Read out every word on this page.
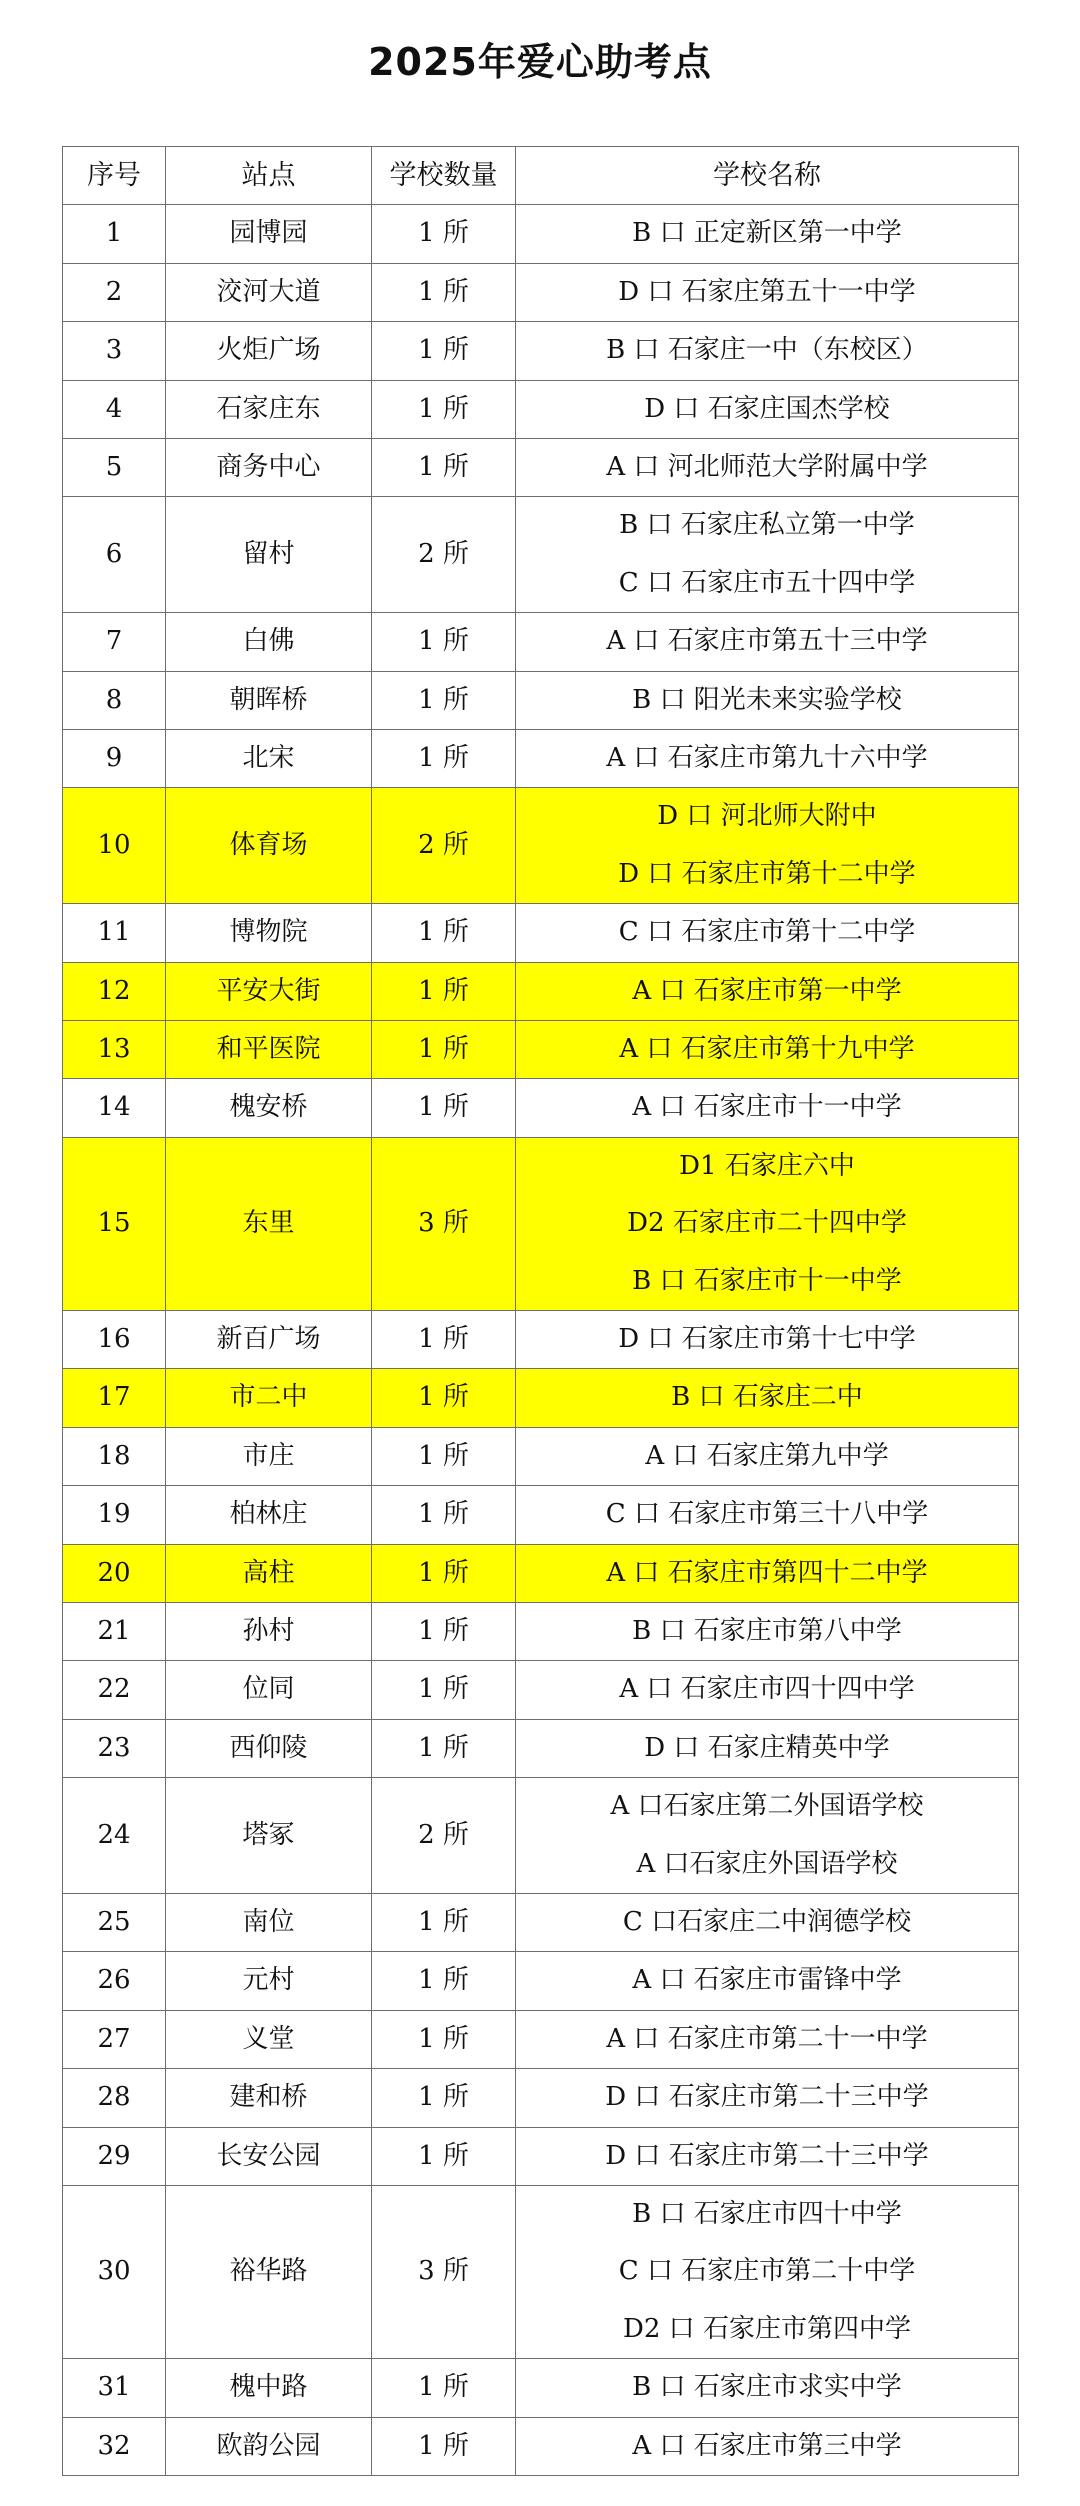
2025年爱心助考点
序号	站点	学校数量	学校名称
1	园博园	1 所	B 口 正定新区第一中学

2	洨河大道	1 所	D 口 石家庄第五十一中学

3	火炬广场	1 所	B 口 石家庄一中（东校区）

4	石家庄东	1 所	D 口 石家庄国杰学校

5	商务中心	1 所	A 口 河北师范大学附属中学

6	留村	2 所	B 口 石家庄私立第一中学
C 口 石家庄市五十四中学

7	白佛	1 所	A 口 石家庄市第五十三中学

8	朝晖桥	1 所	B 口 阳光未来实验学校

9	北宋	1 所	A 口 石家庄市第九十六中学

10	体育场	2 所	D 口 河北师大附中
D 口 石家庄市第十二中学

11	博物院	1 所	C 口 石家庄市第十二中学

12	平安大街	1 所	A 口 石家庄市第一中学

13	和平医院	1 所	A 口 石家庄市第十九中学

14	槐安桥	1 所	A 口 石家庄市十一中学

15	东里	3 所	D1 石家庄六中
D2 石家庄市二十四中学
B 口 石家庄市十一中学

16	新百广场	1 所	D 口 石家庄市第十七中学

17	市二中	1 所	B 口 石家庄二中

18	市庄	1 所	A 口 石家庄第九中学

19	柏林庄	1 所	C 口 石家庄市第三十八中学

20	高柱	1 所	A 口 石家庄市第四十二中学

21	孙村	1 所	B 口 石家庄市第八中学

22	位同	1 所	A 口 石家庄市四十四中学

23	西仰陵	1 所	D 口 石家庄精英中学

24	塔冢	2 所	A 口石家庄第二外国语学校
A 口石家庄外国语学校

25	南位	1 所	C 口石家庄二中润德学校

26	元村	1 所	A 口 石家庄市雷锋中学

27	义堂	1 所	A 口 石家庄市第二十一中学

28	建和桥	1 所	D 口 石家庄市第二十三中学

29	长安公园	1 所	D 口 石家庄市第二十三中学

30	裕华路	3 所	B 口 石家庄市四十中学
C 口 石家庄市第二十中学
D2 口 石家庄市第四中学

31	槐中路	1 所	B 口 石家庄市求实中学

32	欧韵公园	1 所	A 口 石家庄市第三中学
